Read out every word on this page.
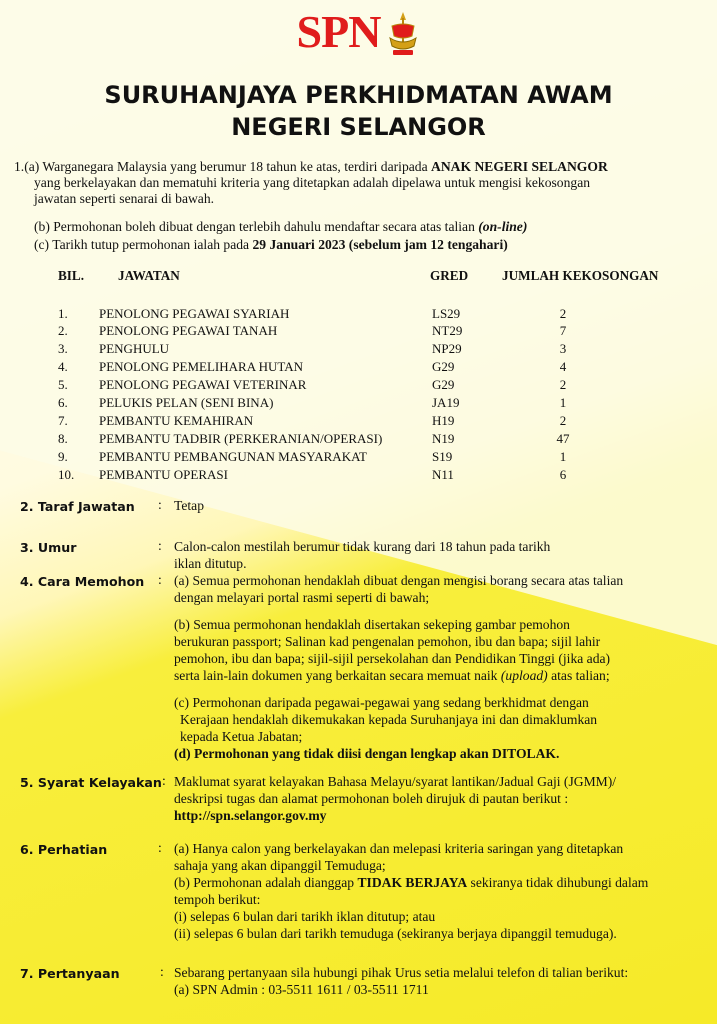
SPN
SURUHANJAYA PERKHIDMATAN AWAM
NEGERI SELANGOR
1.(a) Warganegara Malaysia yang berumur 18 tahun ke atas, terdiri daripada ANAK NEGERI SELANGOR
yang berkelayakan dan mematuhi kriteria yang ditetapkan adalah dipelawa untuk mengisi kekosongan
jawatan seperti senarai di bawah.
(b) Permohonan boleh dibuat dengan terlebih dahulu mendaftar secara atas talian (on-line)
(c) Tarikh tutup permohonan ialah pada 29 Januari 2023 (sebelum jam 12 tengahari)
BIL.	JAWATAN	GRED	JUMLAH KEKOSONGAN
1. PENOLONG PEGAWAI SYARIAH	LS29	2
2. PENOLONG PEGAWAI TANAH	NT29	7
3. PENGHULU	NP29	3
4. PENOLONG PEMELIHARA HUTAN	G29	4
5. PENOLONG PEGAWAI VETERINAR	G29	2
6. PELUKIS PELAN (SENI BINA)	JA19	1
7. PEMBANTU KEMAHIRAN	H19	2
8. PEMBANTU TADBIR (PERKERANIAN/OPERASI)	N19	47
9. PEMBANTU PEMBANGUNAN MASYARAKAT	S19	1
10. PEMBANTU OPERASI	N11	6
2. Taraf Jawatan : Tetap
3. Umur	: Calon-calon mestilah berumur tidak kurang dari 18 tahun pada tarikh
iklan ditutup.
4. Cara Memohon : (a) Semua permohonan hendaklah dibuat dengan mengisi borang secara atas talian
dengan melayari portal rasmi seperti di bawah;
(b) Semua permohonan hendaklah disertakan sekeping gambar pemohon
berukuran passport; Salinan kad pengenalan pemohon, ibu dan bapa; sijil lahir
pemohon, ibu dan bapa; sijil-sijil persekolahan dan Pendidikan Tinggi (jika ada)
serta lain-lain dokumen yang berkaitan secara memuat naik (upload) atas talian;
(c) Permohonan daripada pegawai-pegawai yang sedang berkhidmat dengan
Kerajaan hendaklah dikemukakan kepada Suruhanjaya ini dan dimaklumkan
kepada Ketua Jabatan;
(d) Permohonan yang tidak diisi dengan lengkap akan DITOLAK.
5. Syarat Kelayakan : Maklumat syarat kelayakan Bahasa Melayu/syarat lantikan/Jadual Gaji (JGMM)/
deskripsi tugas dan alamat permohonan boleh dirujuk di pautan berikut :
http://spn.selangor.gov.my
6. Perhatian	: (a) Hanya calon yang berkelayakan dan melepasi kriteria saringan yang ditetapkan
sahaja yang akan dipanggil Temuduga;
(b) Permohonan adalah dianggap TIDAK BERJAYA sekiranya tidak dihubungi dalam
tempoh berikut:
(i) selepas 6 bulan dari tarikh iklan ditutup; atau
(ii) selepas 6 bulan dari tarikh temuduga (sekiranya berjaya dipanggil temuduga).
7. Pertanyaan	: Sebarang pertanyaan sila hubungi pihak Urus setia melalui telefon di talian berikut:
(a) SPN Admin : 03-5511 1611 / 03-5511 1711
